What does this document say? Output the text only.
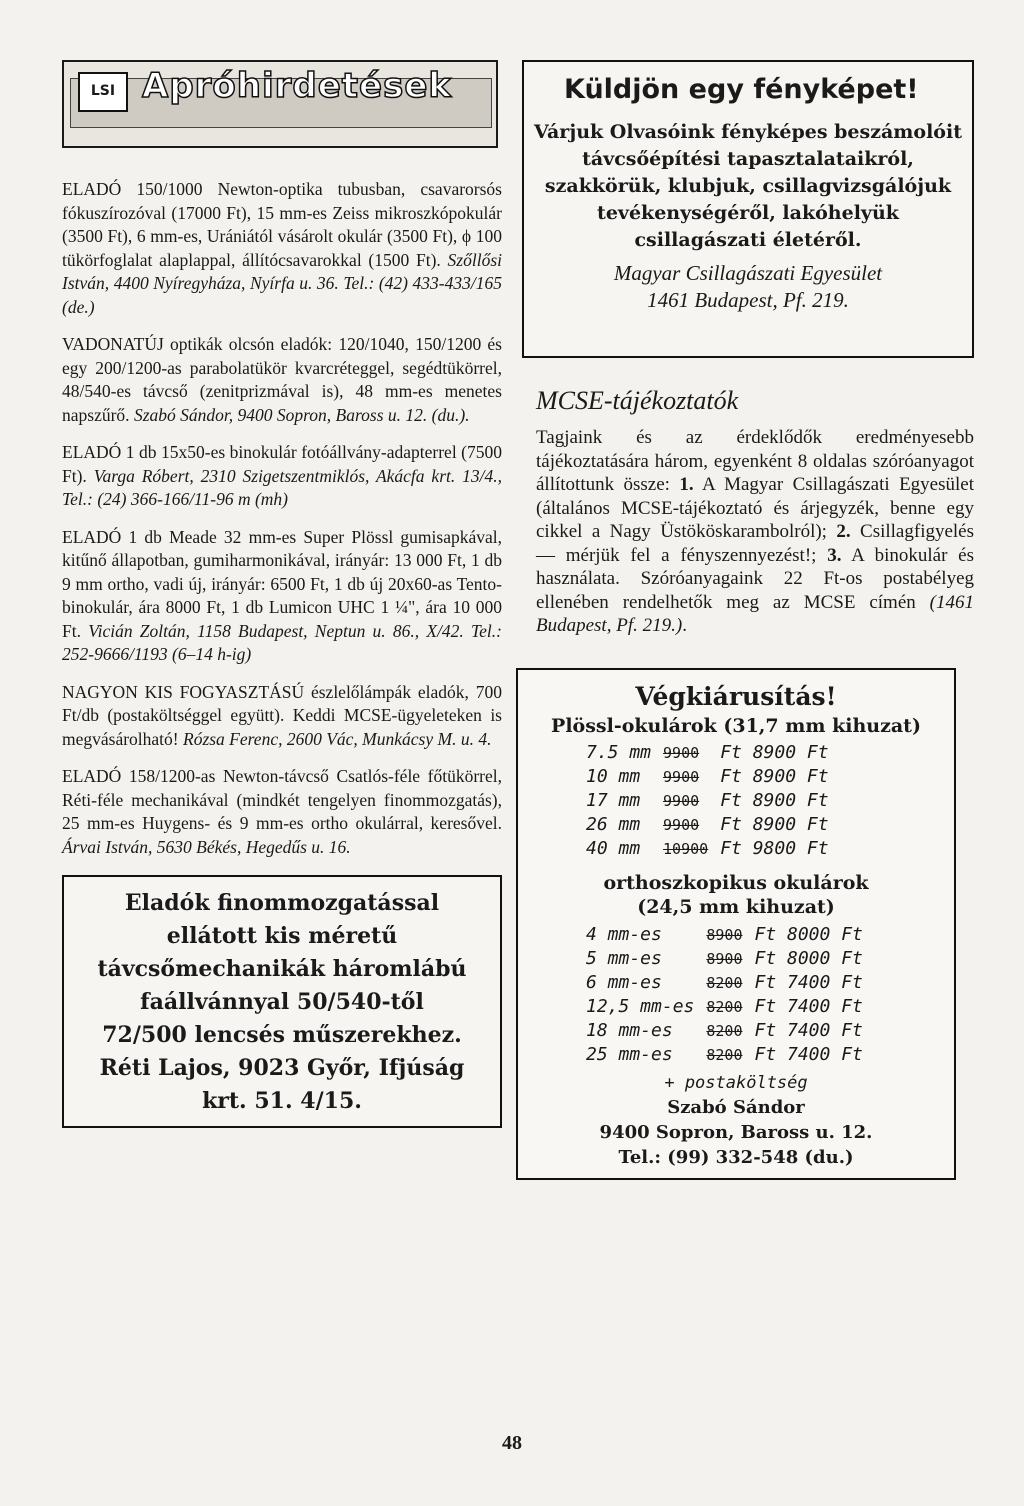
LSI Apróhirdetések

ELADÓ 150/1000 Newton-optika tubusban, csavarorsós fókuszírozóval (17000 Ft), 15 mm-es Zeiss mikroszkópokulár (3500 Ft), 6 mm-es, Urániától vásárolt okulár (3500 Ft), ϕ 100 tükörfoglalat alaplappal, állítócsavarokkal (1500 Ft). Szőllősi István, 4400 Nyíregyháza, Nyírfa u. 36. Tel.: (42) 433-433/165 (de.)

VADONATÚJ optikák olcsón eladók: 120/1040, 150/1200 és egy 200/1200-as parabolatükör kvarcréteggel, segédtükörrel, 48/540-es távcső (zenitprizmával is), 48 mm-es menetes napszűrő. Szabó Sándor, 9400 Sopron, Baross u. 12. (du.).

ELADÓ 1 db 15x50-es binokulár fotóállvány-adapterrel (7500 Ft). Varga Róbert, 2310 Szigetszentmiklós, Akácfa krt. 13/4., Tel.: (24) 366-166/11-96 m (mh)

ELADÓ 1 db Meade 32 mm-es Super Plössl gumisapkával, kitűnő állapotban, gumiharmonikával, irányár: 13 000 Ft, 1 db 9 mm ortho, vadi új, irányár: 6500 Ft, 1 db új 20x60-as Tento-binokulár, ára 8000 Ft, 1 db Lumicon UHC 1 ¼", ára 10 000 Ft. Vicián Zoltán, 1158 Budapest, Neptun u. 86., X/42. Tel.: 252-9666/1193 (6–14 h-ig)

NAGYON KIS FOGYASZTÁSÚ észlelőlámpák eladók, 700 Ft/db (postaköltséggel együtt). Keddi MCSE-ügyeleteken is megvásárolható! Rózsa Ferenc, 2600 Vác, Munkácsy M. u. 4.

ELADÓ 158/1200-as Newton-távcső Csatlós-féle főtükörrel, Réti-féle mechanikával (mindkét tengelyen finommozgatás), 25 mm-es Huygens- és 9 mm-es ortho okulárral, keresővel. Árvai István, 5630 Békés, Hegedűs u. 16.

Eladók finommozgatással

ellátott kis méretű

távcsőmechanikák háromlábú

faállvánnyal 50/540-től

72/500 lencsés műszerekhez.

Réti Lajos, 9023 Győr, Ifjúság

krt. 51. 4/15.

Küldjön egy fényképet!

Várjuk Olvasóink fényképes beszámolóit távcsőépítési tapasztalataikról, szakkörük, klubjuk, csillagvizsgálójuk tevékenységéről, lakóhelyük csillagászati életéről.

Magyar Csillagászati Egyesület

1461 Budapest, Pf. 219.

MCSE-tájékoztatók

Tagjaink és az érdeklődők eredményesebb tájékoztatására három, egyenként 8 oldalas szóróanyagot állítottunk össze: 1. A Magyar Csillagászati Egyesület (általános MCSE-tájékoztató és árjegyzék, benne egy cikkel a Nagy Üstököskarambolról); 2. Csillagfigyelés — mérjük fel a fényszennyezést!; 3. A binokulár és használata. Szóróanyagaink 22 Ft-os postabélyeg ellenében rendelhetők meg az MCSE címén (1461 Budapest, Pf. 219.).

Végkiárusítás!

Plössl-okulárok (31,7 mm kihuzat)

7.5 mm	9900	Ft 8900 Ft
10 mm	9900	Ft 8900 Ft
17 mm	9900	Ft 8900 Ft
26 mm	9900	Ft 8900 Ft
40 mm	10900	Ft 9800 Ft

orthoszkopikus okulárok
(24,5 mm kihuzat)

4 mm-es	8900	Ft 8000 Ft
5 mm-es	8900	Ft 8000 Ft
6 mm-es	8200	Ft 7400 Ft
12,5 mm-es	8200	Ft 7400 Ft
18 mm-es	8200	Ft 7400 Ft
25 mm-es	8200	Ft 7400 Ft

+ postaköltség

Szabó Sándor

9400 Sopron, Baross u. 12.

Tel.: (99) 332-548 (du.)

48
